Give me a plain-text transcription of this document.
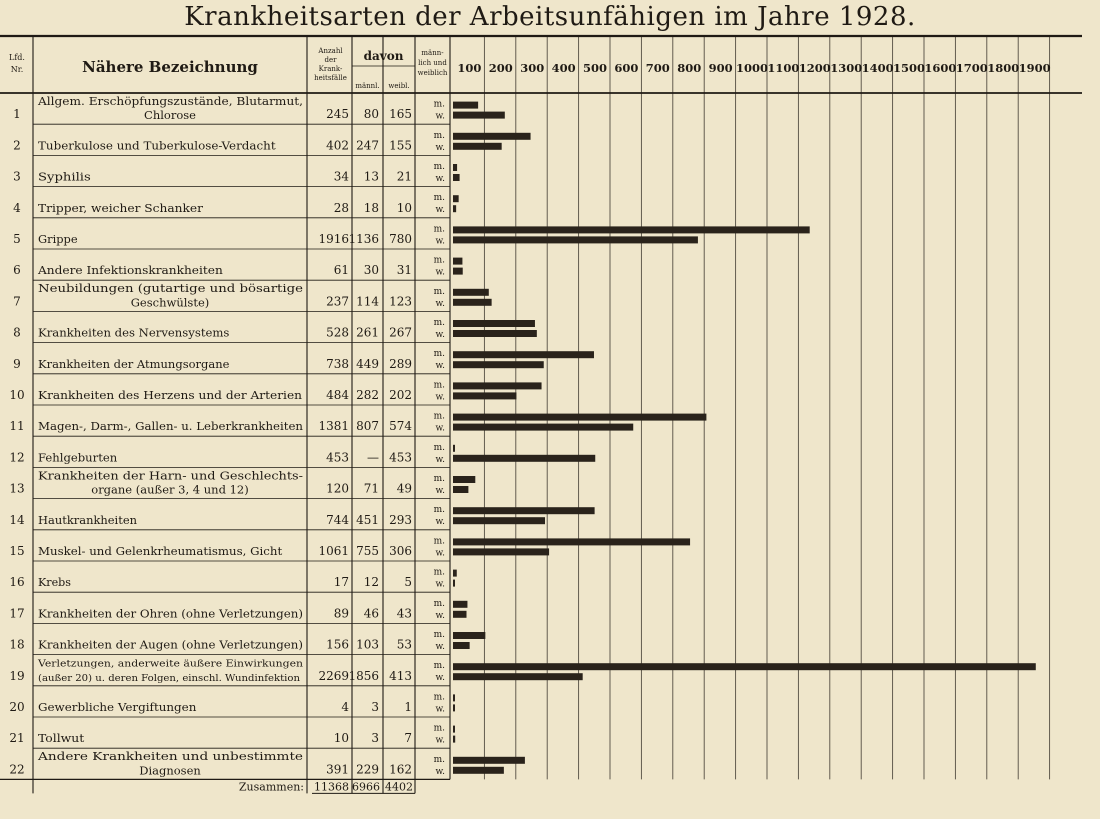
Krankheitsarten der Arbeitsunfähigen im Jahre 1928.
Lfd.
Nr.	Nähere Bezeichnung
Anzahl
der
Krank-
heitsfälle
davon
männl. weibl.
männ-
lich und
weiblich 100 200 300 400 500 600 700 800 900 1000 1100 1200 1300 1400 1500 1600 1700 1800 1900
1
Allgem. Erschöpfungszustände, Blutarmut,
Chlorose	245 80 165
m.
w.
2 Tuberkulose und Tuberkulose-Verdacht	402 247 155
m.
w.
3 Syphilis	34 13 21
m.
w.
4 Tripper, weicher Schanker	28 18 10
m.
w.
5 Grippe	1916 1136 780
m.
w.
6 Andere Infektionskrankheiten	61 30 31
m.
w.
7
Neubildungen (gutartige und bösartige
Geschwülste)	237 114 123
m.
w.
8 Krankheiten des Nervensystems	528 261 267
m.
w.
9 Krankheiten der Atmungsorgane	738 449 289
m.
w.
10 Krankheiten des Herzens und der Arterien 484 282 202
m.
w.
11 Magen-, Darm-, Gallen- u. Leberkrankheiten 1381 807 574
m.
w.
12 Fehlgeburten	453 — 453
m.
w.
13
Krankheiten der Harn- und Geschlechts-
organe (außer 3, 4 und 12)	120 71 49
m.
w.
14 Hautkrankheiten	744 451 293
m.
w.
15 Muskel- und Gelenkrheumatismus, Gicht	1061 755 306
m.
w.
16 Krebs	17 12 5
m.
w.
17 Krankheiten der Ohren (ohne Verletzungen)	89 46 43
m.
w.
18 Krankheiten der Augen (ohne Verletzungen) 156 103 53
m.
w.
19
Verletzungen, anderweite äußere Einwirkungen
(außer 20) u. deren Folgen, einschl. Wundinfektion 2269 1856 413
m.
w.
20 Gewerbliche Vergiftungen	4 3 1
m.
w.
21 Tollwut	10 3 7
m.
w.
22
Andere Krankheiten und unbestimmte
Diagnosen	391 229 162
m.
w.
Zusammen: 11368 6966 4402
